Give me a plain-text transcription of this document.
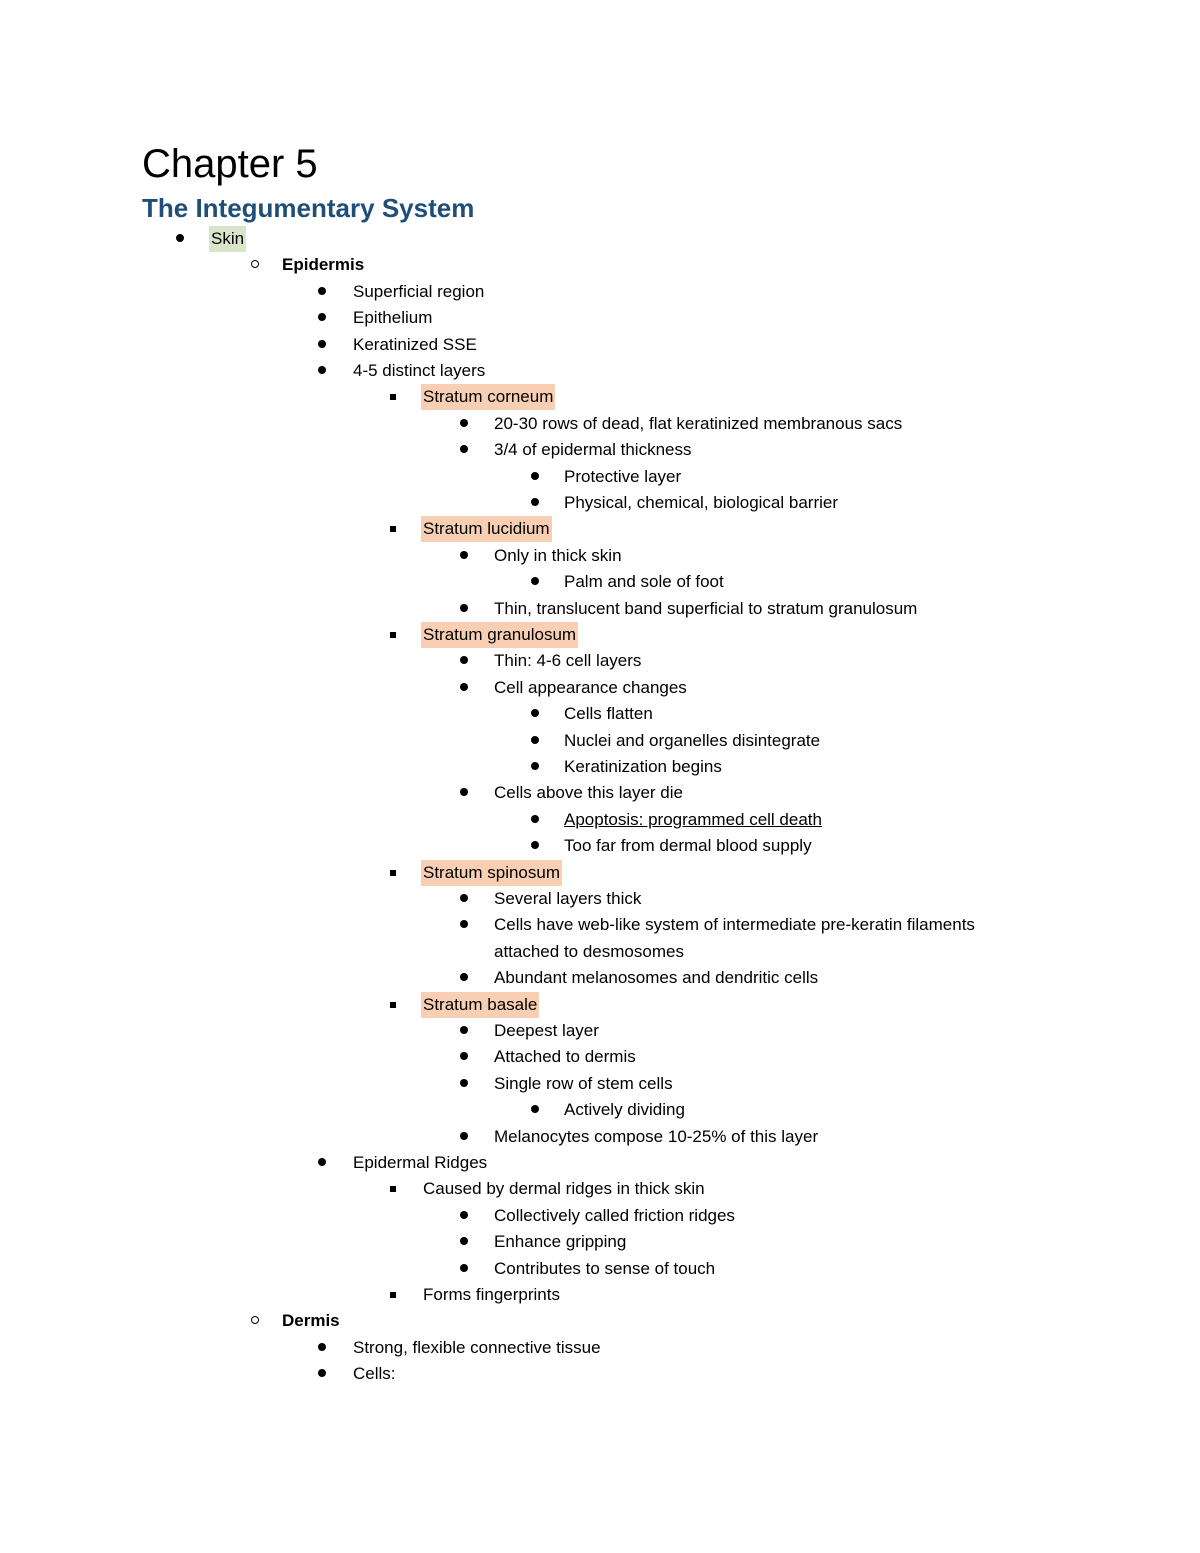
Chapter 5
The Integumentary System
Skin
Epidermis
Superficial region
Epithelium
Keratinized SSE
4-5 distinct layers
Stratum corneum
20-30 rows of dead, flat keratinized membranous sacs
3/4 of epidermal thickness
Protective layer
Physical, chemical, biological barrier
Stratum lucidium
Only in thick skin
Palm and sole of foot
Thin, translucent band superficial to stratum granulosum
Stratum granulosum
Thin: 4-6 cell layers
Cell appearance changes
Cells flatten
Nuclei and organelles disintegrate
Keratinization begins
Cells above this layer die
Apoptosis: programmed cell death
Too far from dermal blood supply
Stratum spinosum
Several layers thick
Cells have web-like system of intermediate pre-keratin filaments
attached to desmosomes
Abundant melanosomes and dendritic cells
Stratum basale
Deepest layer
Attached to dermis
Single row of stem cells
Actively dividing
Melanocytes compose 10-25% of this layer
Epidermal Ridges
Caused by dermal ridges in thick skin
Collectively called friction ridges
Enhance gripping
Contributes to sense of touch
Forms fingerprints
Dermis
Strong, flexible connective tissue
Cells:
